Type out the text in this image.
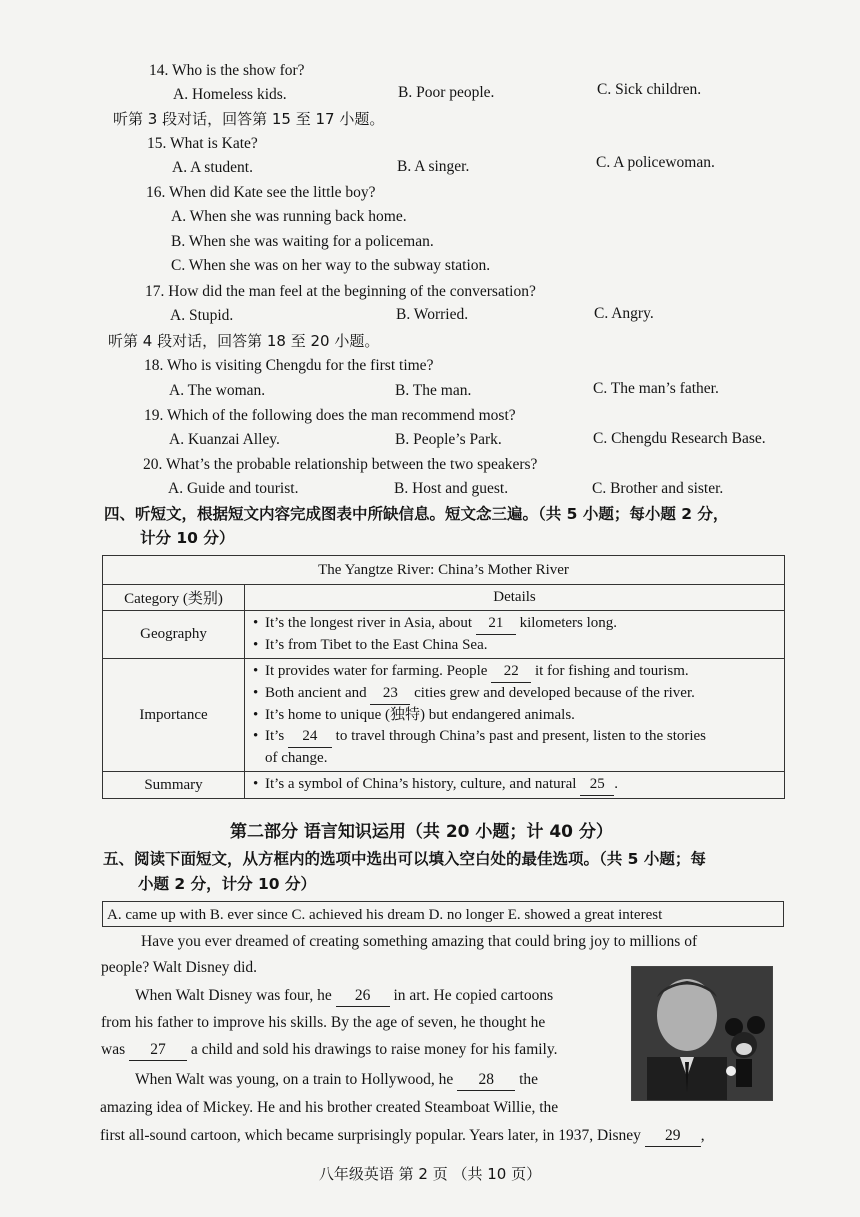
14. Who is the show for?
A. Homeless kids.	B. Poor people.	C. Sick children.
听第 3 段对话，回答第 15 至 17 小题。
15. What is Kate?
A. A student.	B. A singer.	C. A policewoman.
16. When did Kate see the little boy?
A. When she was running back home.
B. When she was waiting for a policeman.
C. When she was on her way to the subway station.
17. How did the man feel at the beginning of the conversation?
A. Stupid.	B. Worried.	C. Angry.
听第 4 段对话，回答第 18 至 20 小题。
18. Who is visiting Chengdu for the first time?
A. The woman.	B. The man.	C. The man’s father.
19. Which of the following does the man recommend most?
A. Kuanzai Alley.	B. People’s Park.	C. Chengdu Research Base.
20. What’s the probable relationship between the two speakers?
A. Guide and tourist.	B. Host and guest.	C. Brother and sister.
四、听短文，根据短文内容完成图表中所缺信息。短文念三遍。（共 5 小题；每小题 2 分，
计分 10 分）
The Yangtze River: China’s Mother River	
Category (类别)	Details
Geography	• It’s the longest river in Asia, about 21 kilometers long.
• It’s from Tibet to the East China Sea.

Importance	• It provides water for farming. People 22 it for fishing and tourism.
• Both ancient and 23 cities grew and developed because of the river.
• It’s home to unique (独特) but endangered animals.
• It’s 24 to travel through China’s past and present, listen to the stories
of change.

Summary	• It’s a symbol of China’s history, culture, and natural 25 .
第二部分 语言知识运用（共 20 小题；计 40 分）
五、阅读下面短文，从方框内的选项中选出可以填入空白处的最佳选项。（共 5 小题；每
小题 2 分，计分 10 分）
A. came up with B. ever since C. achieved his dream D. no longer E. showed a great interest
Have you ever dreamed of creating something amazing that could bring joy to millions of
people? Walt Disney did.
When Walt Disney was four, he 26 in art. He copied cartoons
from his father to improve his skills. By the age of seven, he thought he
was 27 a child and sold his drawings to raise money for his family.
When Walt was young, on a train to Hollywood, he 28 the
amazing idea of Mickey. He and his brother created Steamboat Willie, the
first all-sound cartoon, which became surprisingly popular. Years later, in 1937, Disney 29 ,
八年级英语 第 2 页 （共 10 页）
